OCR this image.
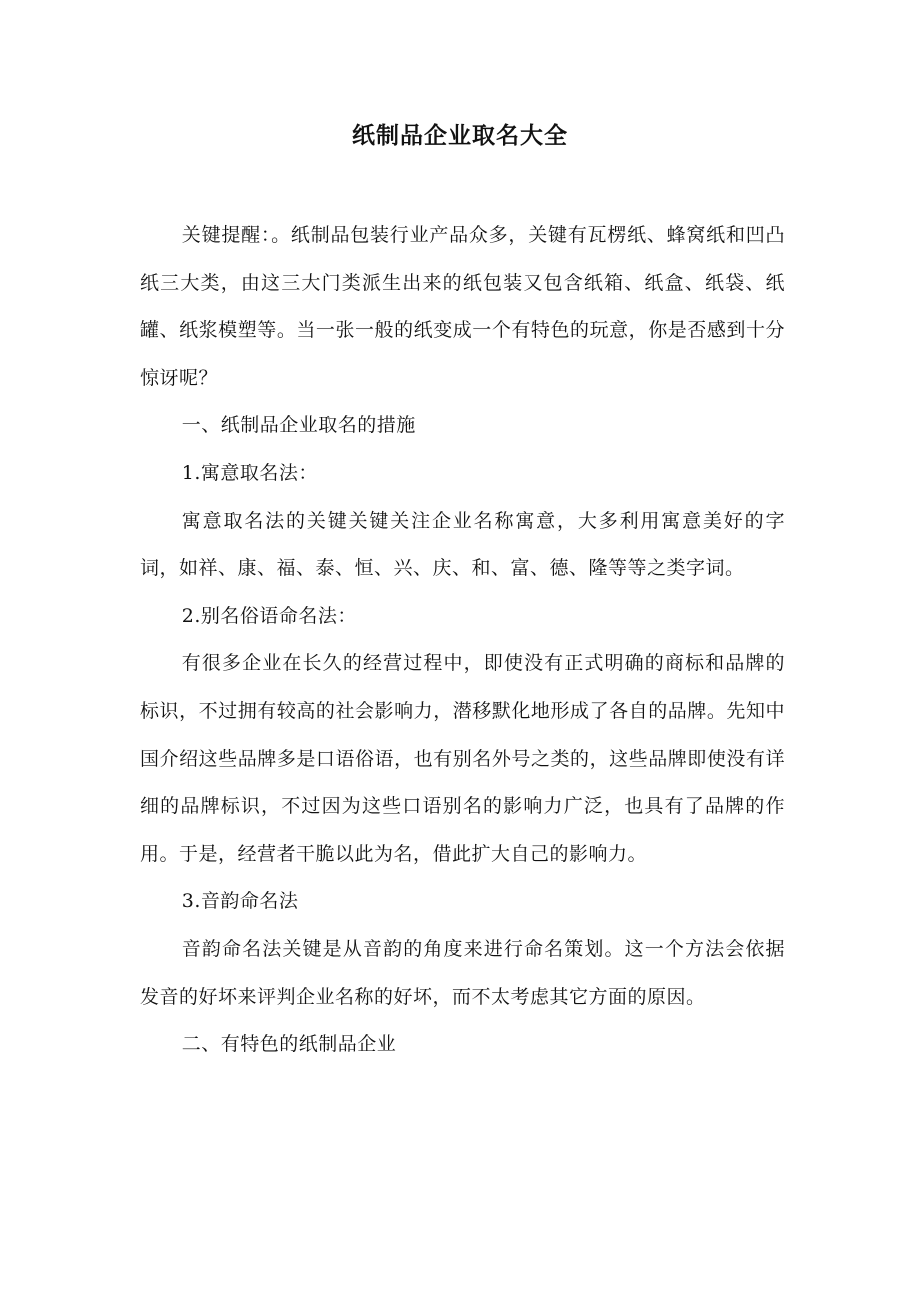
纸制品企业取名大全

关键提醒：。纸制品包装行业产品众多，关键有瓦楞纸、蜂窝纸和凹凸纸三大类，由这三大门类派生出来的纸包装又包含纸箱、纸盒、纸袋、纸罐、纸浆模塑等。当一张一般的纸变成一个有特色的玩意，你是否感到十分惊讶呢？

一、纸制品企业取名的措施

1.寓意取名法：

寓意取名法的关键关键关注企业名称寓意，大多利用寓意美好的字词，如祥、康、福、泰、恒、兴、庆、和、富、德、隆等等之类字词。

2.别名俗语命名法：

有很多企业在长久的经营过程中，即使没有正式明确的商标和品牌的标识，不过拥有较高的社会影响力，潜移默化地形成了各自的品牌。先知中国介绍这些品牌多是口语俗语，也有别名外号之类的，这些品牌即使没有详细的品牌标识，不过因为这些口语别名的影响力广泛，也具有了品牌的作用。于是，经营者干脆以此为名，借此扩大自己的影响力。

3.音韵命名法

音韵命名法关键是从音韵的角度来进行命名策划。这一个方法会依据发音的好坏来评判企业名称的好坏，而不太考虑其它方面的原因。

二、有特色的纸制品企业
